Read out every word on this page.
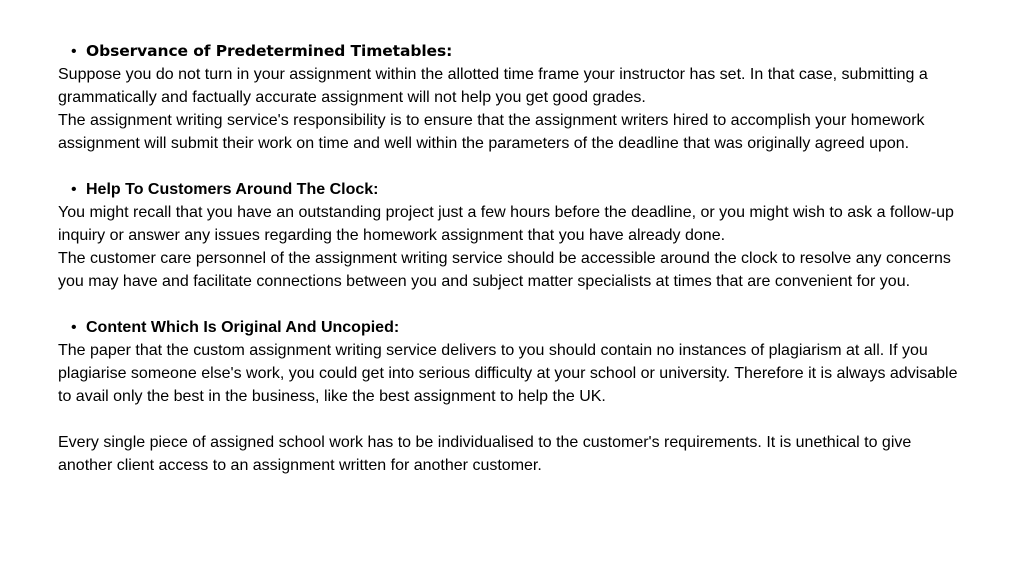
• Observance of Predetermined Timetables:

Suppose you do not turn in your assignment within the allotted time frame your instructor has set. In that case, submitting a grammatically and factually accurate assignment will not help you get good grades.

The assignment writing service's responsibility is to ensure that the assignment writers hired to accomplish your homework assignment will submit their work on time and well within the parameters of the deadline that was originally agreed upon.

• Help To Customers Around The Clock:

You might recall that you have an outstanding project just a few hours before the deadline, or you might wish to ask a follow-up inquiry or answer any issues regarding the homework assignment that you have already done.

The customer care personnel of the assignment writing service should be accessible around the clock to resolve any concerns you may have and facilitate connections between you and subject matter specialists at times that are convenient for you.

• Content Which Is Original And Uncopied:

The paper that the custom assignment writing service delivers to you should contain no instances of plagiarism at all. If you plagiarise someone else's work, you could get into serious difficulty at your school or university. Therefore it is always advisable to avail only the best in the business, like the best assignment to help the UK.

Every single piece of assigned school work has to be individualised to the customer's requirements. It is unethical to give another client access to an assignment written for another customer.
